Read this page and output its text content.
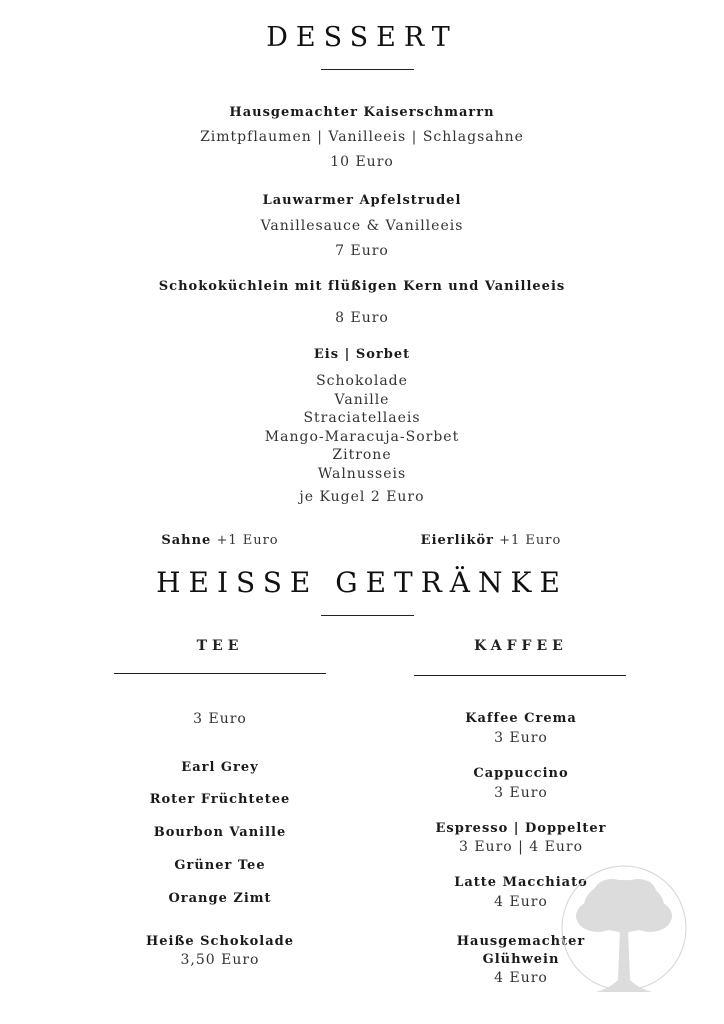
DESSERT
Hausgemachter Kaiserschmarrn
Zimtpflaumen | Vanilleeis | Schlagsahne
10 Euro
Lauwarmer Apfelstrudel
Vanillesauce & Vanilleeis
7 Euro
Schokoküchlein mit flüßigen Kern und Vanilleeis
8 Euro
Eis | Sorbet
Schokolade
Vanille
Straciatellaeis
Mango-Maracuja-Sorbet
Zitrone
Walnusseis
je Kugel 2 Euro
Sahne +1 Euro	Eierlikör +1 Euro
HEISSE GETRÄNKE
TEE
3 Euro
Earl Grey
Roter Früchtetee
Bourbon Vanille
Grüner Tee
Orange Zimt
Heiße Schokolade
3,50 Euro
KAFFEE
Kaffee Crema
3 Euro
Cappuccino
3 Euro
Espresso | Doppelter
3 Euro | 4 Euro
Latte Macchiato
4 Euro
Hausgemachter
Glühwein
4 Euro
